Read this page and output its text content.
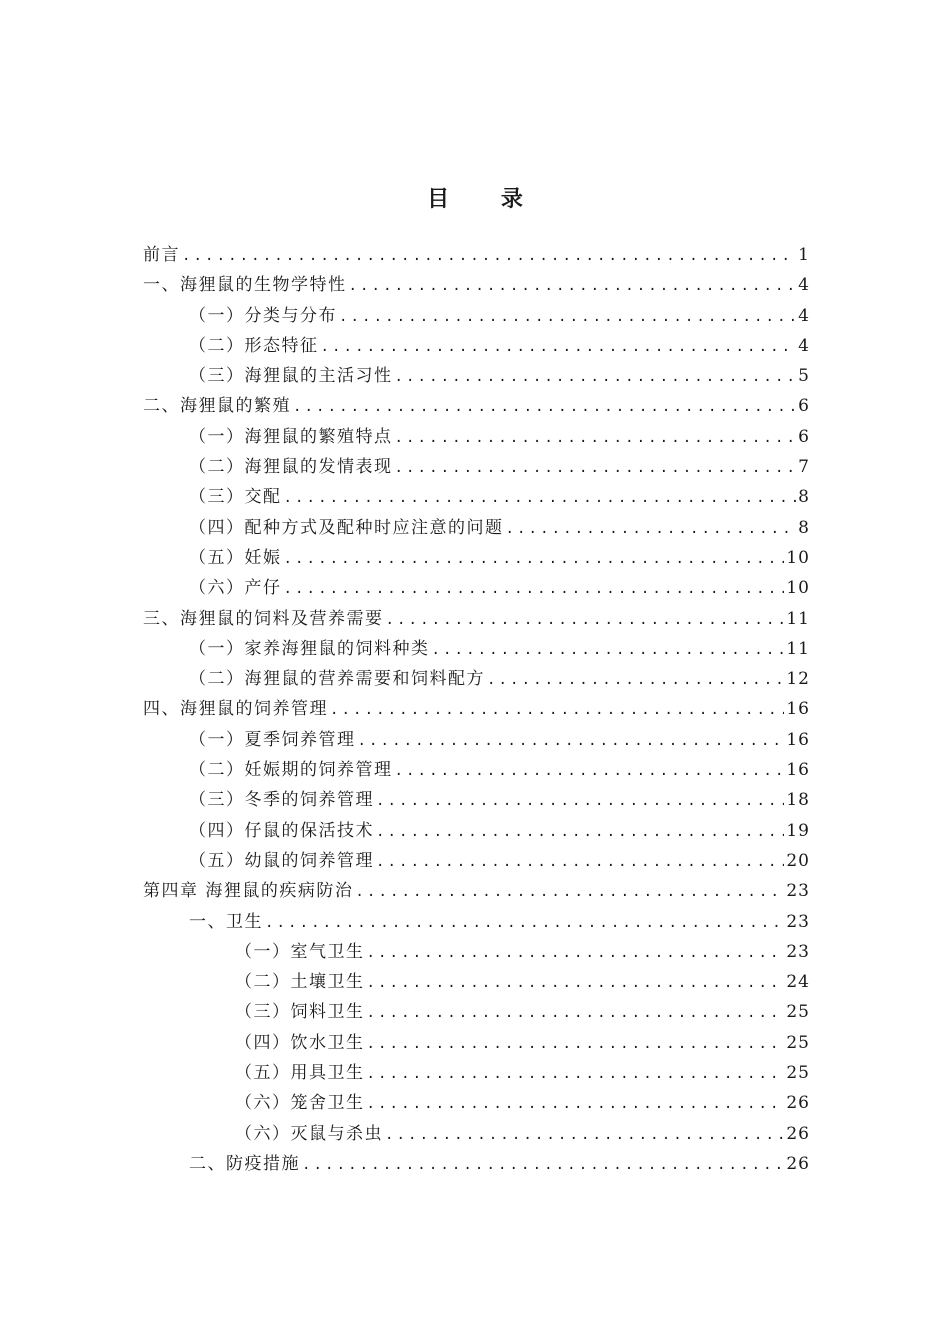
目 录
前言 .....	1
一、海狸鼠的生物学特性 .....	4
（一）分类与分布 .....	4
（二）形态特征 .....	4
（三）海狸鼠的主活习性 .....	5
二、海狸鼠的繁殖 .....	6
（一）海狸鼠的繁殖特点 .....	6
（二）海狸鼠的发情表现 .....	7
（三）交配 .....	8
（四）配种方式及配种时应注意的问题 .....	8
（五）妊娠 .....	10
（六）产仔 .....	10
三、海狸鼠的饲料及营养需要 .....	11
（一）家养海狸鼠的饲料种类 .....	11
（二）海狸鼠的营养需要和饲料配方 .....	12
四、海狸鼠的饲养管理 .....	16
（一）夏季饲养管理 .....	16
（二）妊娠期的饲养管理 .....	16
（三）冬季的饲养管理 .....	18
（四）仔鼠的保活技术 .....	19
（五）幼鼠的饲养管理 .....	20
第四章 海狸鼠的疾病防治 .....	23
一、卫生 .....	23
（一）室气卫生 .....	23
（二）土壤卫生 .....	24
（三）饲料卫生 .....	25
（四）饮水卫生 .....	25
（五）用具卫生 .....	25
（六）笼舍卫生 .....	26
（六）灭鼠与杀虫 .....	26
二、防疫措施 .....	26
